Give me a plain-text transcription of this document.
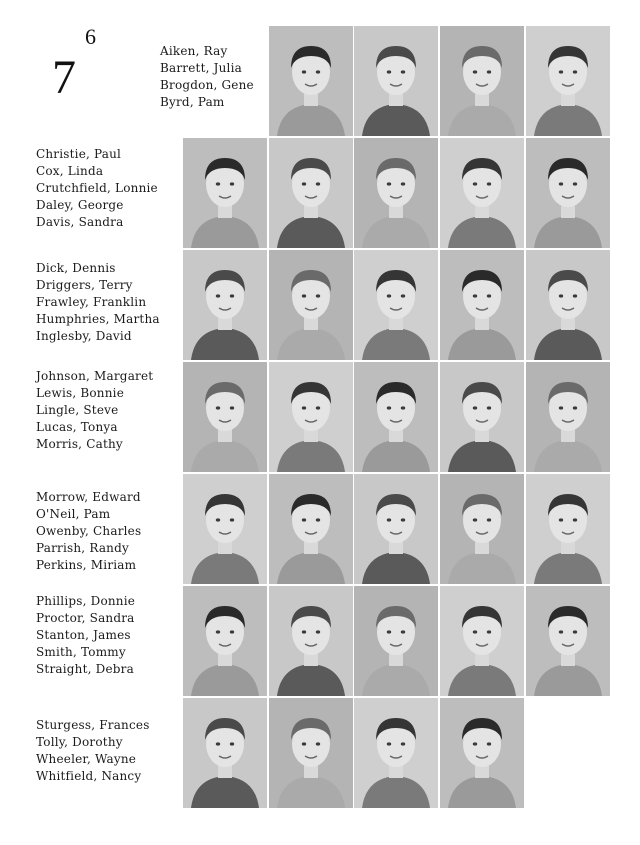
6
7	Aiken, Ray
Barrett, Julia
Brogdon, Gene
Byrd, Pam
Christie, Paul
Cox, Linda
Crutchfield, Lonnie
Daley, George
Davis, Sandra
Dick, Dennis
Driggers, Terry
Frawley, Franklin
Humphries, Martha
Inglesby, David
Johnson, Margaret
Lewis, Bonnie
Lingle, Steve
Lucas, Tonya
Morris, Cathy
Morrow, Edward
O'Neil, Pam
Owenby, Charles
Parrish, Randy
Perkins, Miriam
Phillips, Donnie
Proctor, Sandra
Stanton, James
Smith, Tommy
Straight, Debra
Sturgess, Frances
Tolly, Dorothy
Wheeler, Wayne
Whitfield, Nancy
